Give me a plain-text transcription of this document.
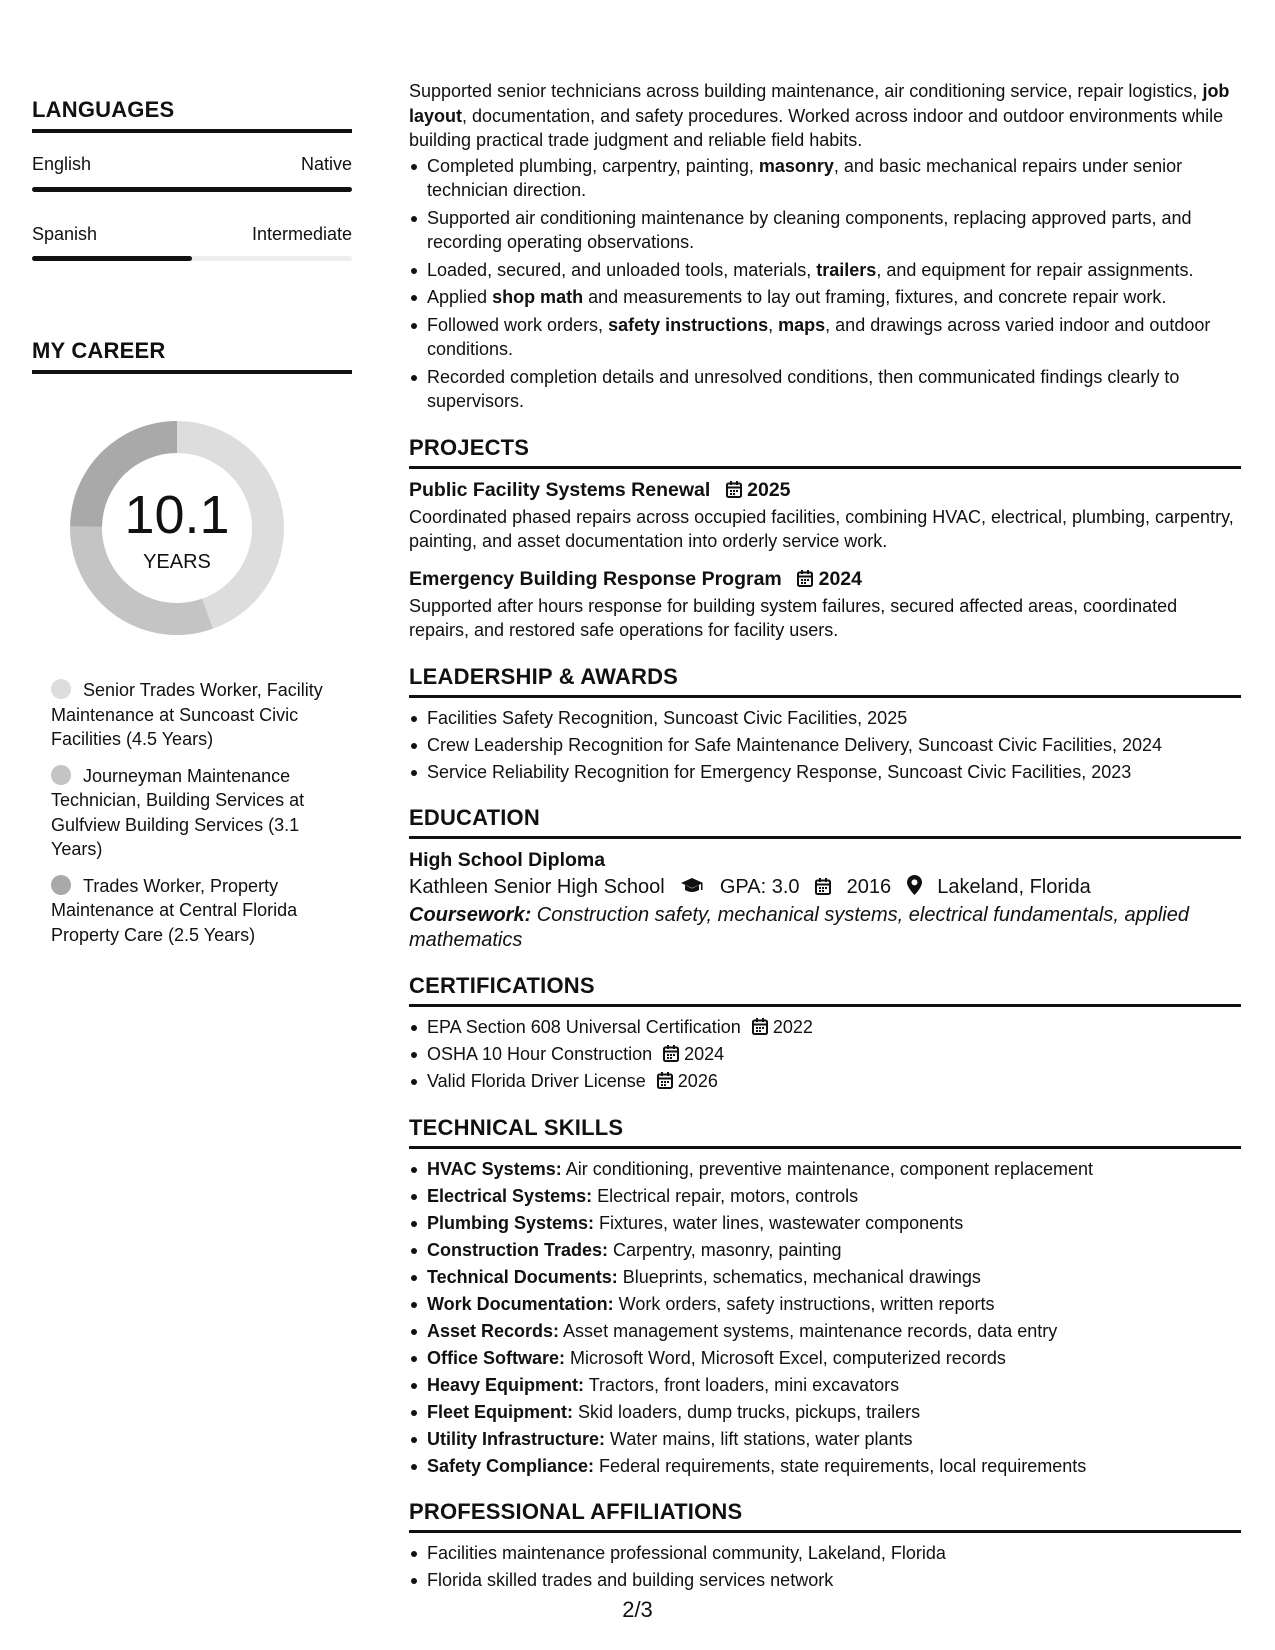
LANGUAGES
English	Native
Spanish	Intermediate
MY CAREER
10.1
YEARS
Senior Trades Worker, Facility Maintenance at Suncoast Civic Facilities (4.5 Years)
Journeyman Maintenance Technician, Building Services at Gulfview Building Services (3.1 Years)
Trades Worker, Property Maintenance at Central Florida Property Care (2.5 Years)

Supported senior technicians across building maintenance, air conditioning service, repair logistics, job layout, documentation, and safety procedures. Worked across indoor and outdoor environments while building practical trade judgment and reliable field habits.

Completed plumbing, carpentry, painting, masonry, and basic mechanical repairs under senior technician direction.
Supported air conditioning maintenance by cleaning components, replacing approved parts, and recording operating observations.
Loaded, secured, and unloaded tools, materials, trailers, and equipment for repair assignments.
Applied shop math and measurements to lay out framing, fixtures, and concrete repair work.
Followed work orders, safety instructions, maps, and drawings across varied indoor and outdoor conditions.
Recorded completion details and unresolved conditions, then communicated findings clearly to supervisors.
PROJECTS
Public Facility Systems Renewal 2025

Coordinated phased repairs across occupied facilities, combining HVAC, electrical, plumbing, carpentry, painting, and asset documentation into orderly service work.

Emergency Building Response Program 2024

Supported after hours response for building system failures, secured affected areas, coordinated repairs, and restored safe operations for facility users.

LEADERSHIP & AWARDS
Facilities Safety Recognition, Suncoast Civic Facilities, 2025
Crew Leadership Recognition for Safe Maintenance Delivery, Suncoast Civic Facilities, 2024
Service Reliability Recognition for Emergency Response, Suncoast Civic Facilities, 2023
EDUCATION
High School Diploma
Kathleen Senior High School	GPA: 3.0 2016 Lakeland, Florida

Coursework: Construction safety, mechanical systems, electrical fundamentals, applied mathematics

CERTIFICATIONS
EPA Section 608 Universal Certification 2022
OSHA 10 Hour Construction 2024
Valid Florida Driver License 2026
TECHNICAL SKILLS
HVAC Systems: Air conditioning, preventive maintenance, component replacement
Electrical Systems: Electrical repair, motors, controls
Plumbing Systems: Fixtures, water lines, wastewater components
Construction Trades: Carpentry, masonry, painting
Technical Documents: Blueprints, schematics, mechanical drawings
Work Documentation: Work orders, safety instructions, written reports
Asset Records: Asset management systems, maintenance records, data entry
Office Software: Microsoft Word, Microsoft Excel, computerized records
Heavy Equipment: Tractors, front loaders, mini excavators
Fleet Equipment: Skid loaders, dump trucks, pickups, trailers
Utility Infrastructure: Water mains, lift stations, water plants
Safety Compliance: Federal requirements, state requirements, local requirements
PROFESSIONAL AFFILIATIONS
Facilities maintenance professional community, Lakeland, Florida
Florida skilled trades and building services network
2/3
